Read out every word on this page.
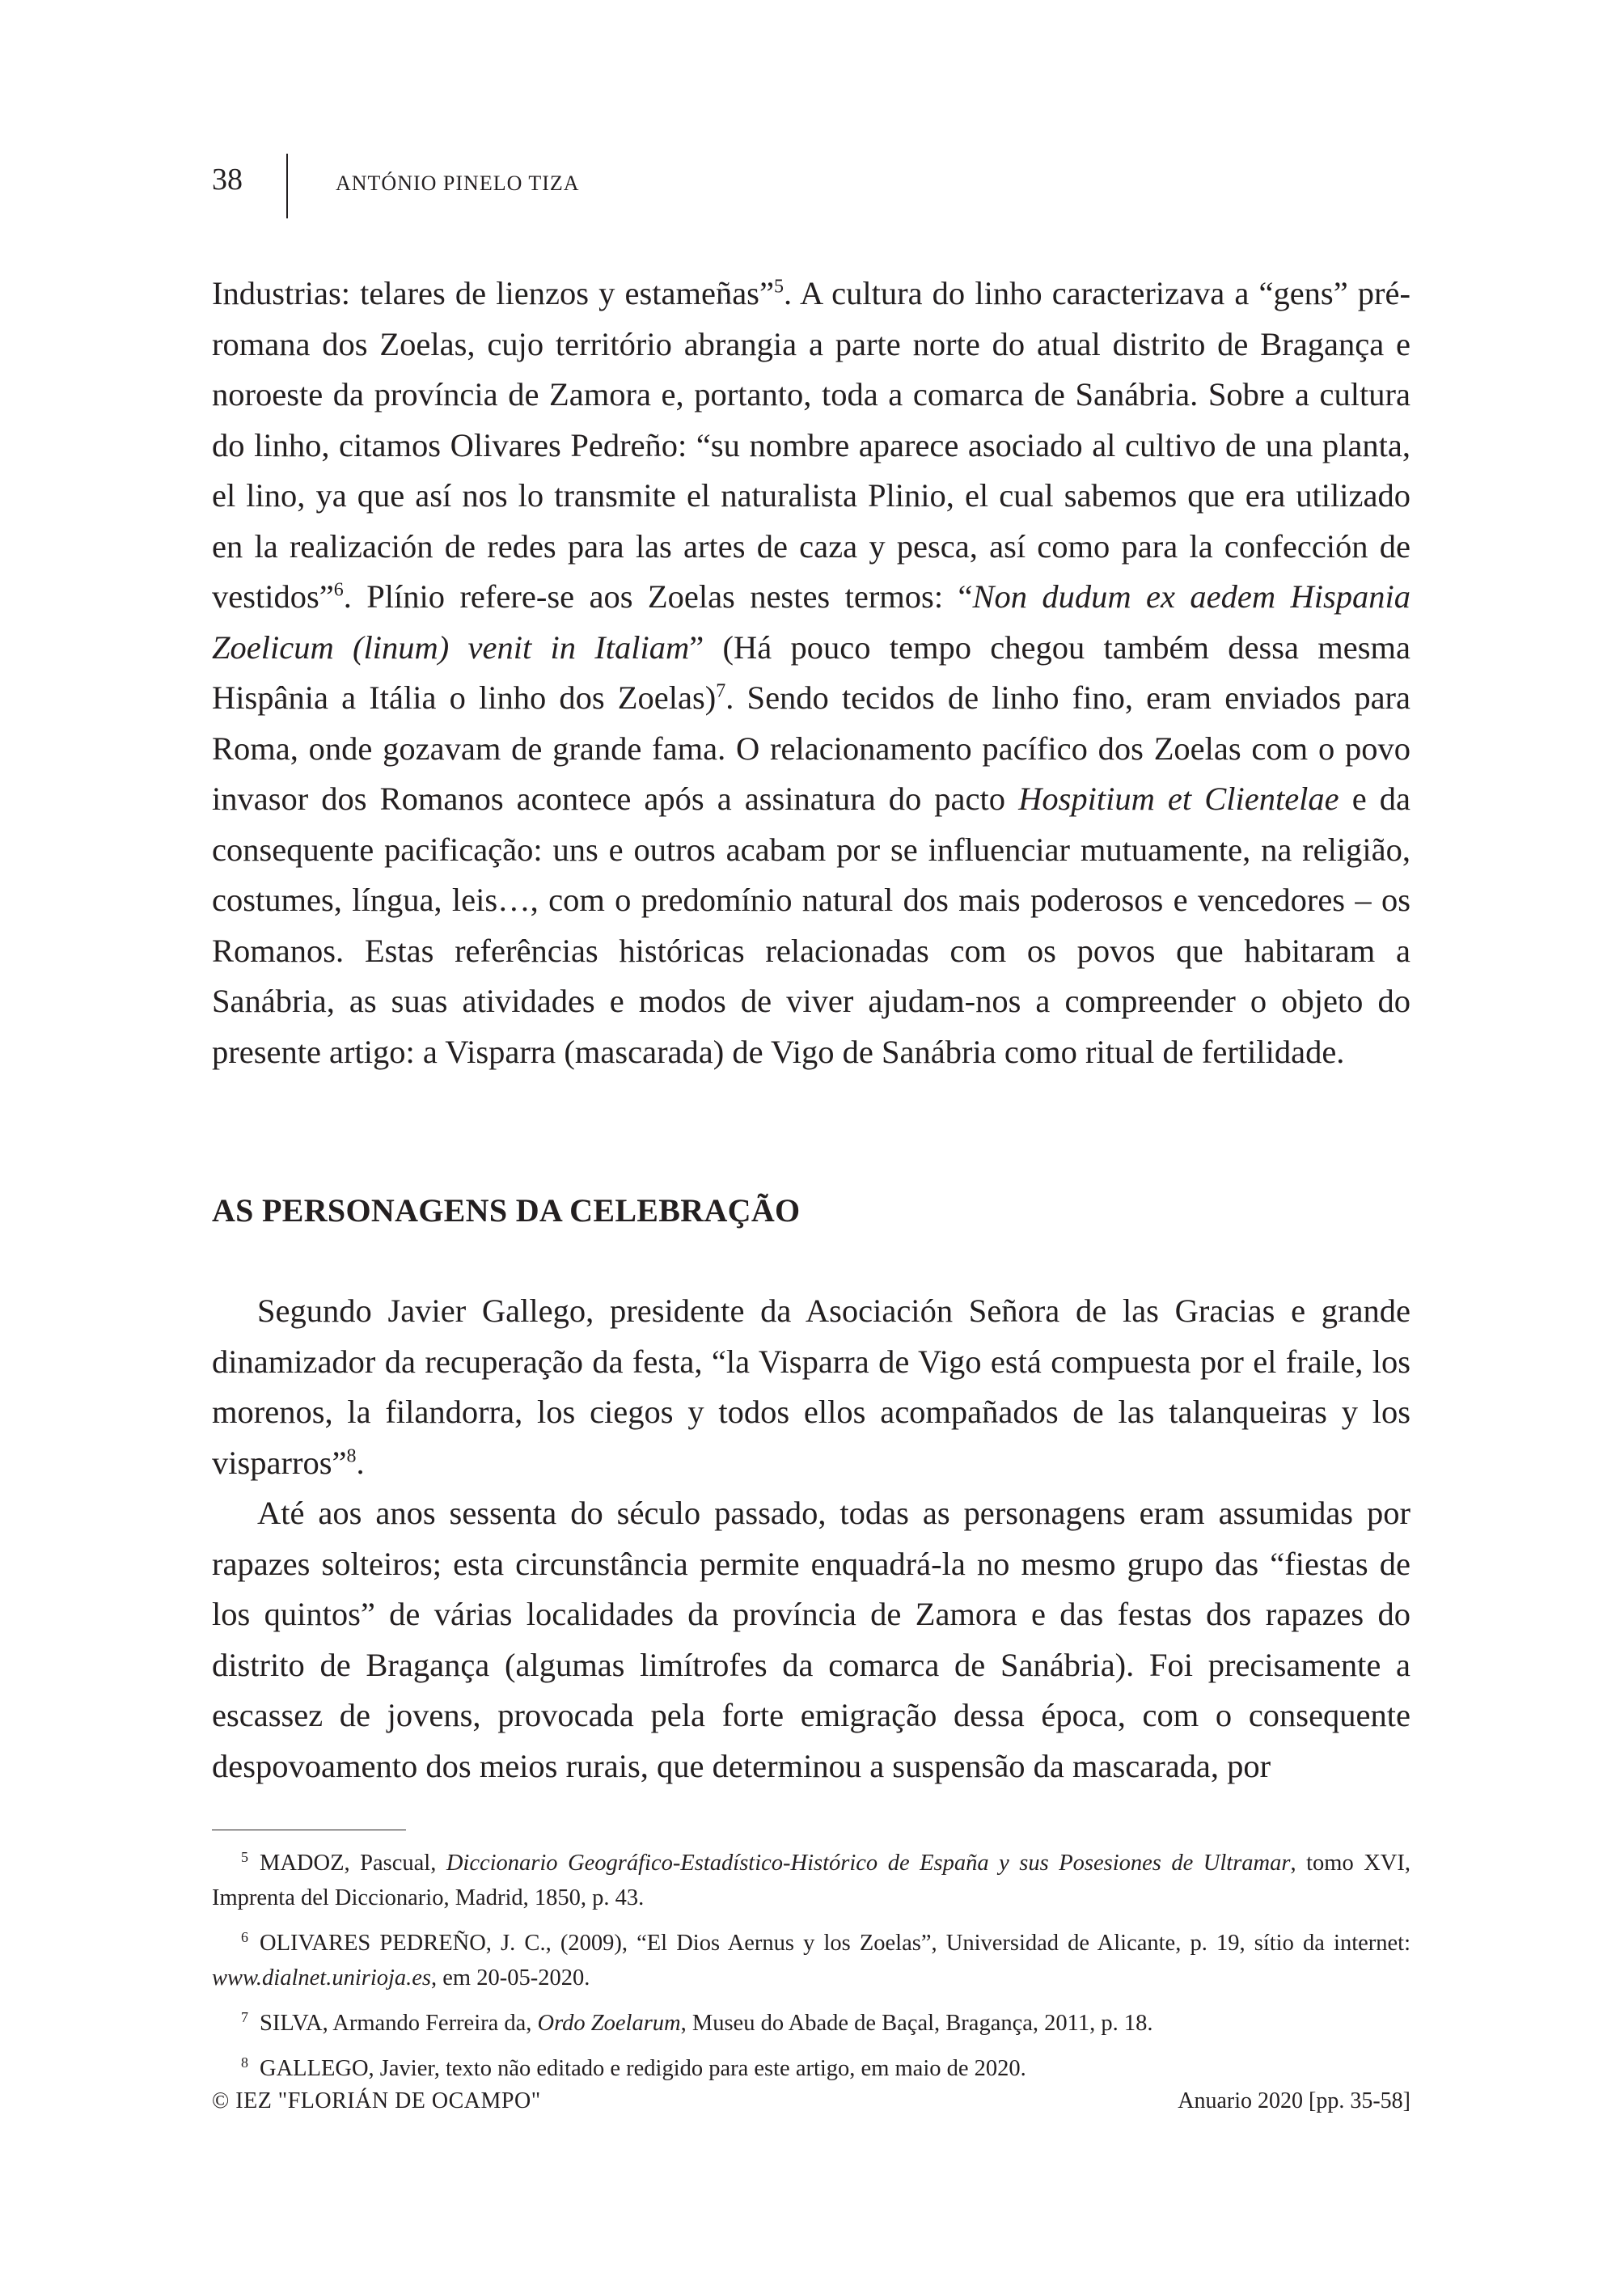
38	ANTÓNIO PINELO TIZA

Industrias: telares de lienzos y estameñas”$^5$. A cultura do linho caracterizava a “gens” pré-romana dos Zoelas, cujo território abrangia a parte norte do atual distrito de Bragança e noroeste da província de Zamora e, portanto, toda a comarca de Sanábria. Sobre a cultura do linho, citamos Olivares Pedreño: “su nombre aparece asociado al cultivo de una planta, el lino, ya que así nos lo transmite el naturalista Plinio, el cual sabemos que era utilizado en la realización de redes para las artes de caza y pesca, así como para la confección de vestidos”$^6$. Plínio refere-se aos Zoelas nestes termos: “Non dudum ex aedem Hispania Zoelicum (linum) venit in Italiam” (Há pouco tempo chegou também dessa mesma Hispânia a Itália o linho dos Zoelas)$^7$. Sendo tecidos de linho fino, eram enviados para Roma, onde gozavam de grande fama. O relacionamento pacífico dos Zoelas com o povo invasor dos Romanos acontece após a assinatura do pacto Hospitium et Clientelae e da consequente pacificação: uns e outros acabam por se influenciar mutuamente, na religião, costumes, língua, leis…, com o predomínio natural dos mais poderosos e vencedores – os Romanos. Estas referências históricas relacionadas com os povos que habitaram a Sanábria, as suas atividades e modos de viver ajudam-nos a compreender o objeto do presente artigo: a Visparra (mascarada) de Vigo de Sanábria como ritual de fertilidade.

AS PERSONAGENS DA CELEBRAÇÃO

Segundo Javier Gallego, presidente da Asociación Señora de las Gracias e grande dinamizador da recuperação da festa, “la Visparra de Vigo está compuesta por el fraile, los morenos, la filandorra, los ciegos y todos ellos acompañados de las talanqueiras y los visparros”$^8$.

Até aos anos sessenta do século passado, todas as personagens eram assumidas por rapazes solteiros; esta circunstância permite enquadrá-la no mesmo grupo das “fiestas de los quintos” de várias localidades da província de Zamora e das festas dos rapazes do distrito de Bragança (algumas limítrofes da comarca de Sanábria). Foi precisamente a escassez de jovens, provocada pela forte emigração dessa época, com o consequente despovoamento dos meios rurais, que determinou a suspensão da mascarada, por

$^5$ MADOZ, Pascual, Diccionario Geográfico-Estadístico-Histórico de España y sus Posesiones de Ultramar, tomo XVI, Imprenta del Diccionario, Madrid, 1850, p. 43.

$^6$ OLIVARES PEDREÑO, J. C., (2009), “El Dios Aernus y los Zoelas”, Universidad de Alicante, p. 19, sítio da internet: www.dialnet.unirioja.es, em 20-05-2020.

$^7$ SILVA, Armando Ferreira da, Ordo Zoelarum, Museu do Abade de Baçal, Bragança, 2011, p. 18.

$^8$ GALLEGO, Javier, texto não editado e redigido para este artigo, em maio de 2020.

© IEZ "FLORIÁN DE OCAMPO"	Anuario 2020 [pp. 35-58]
